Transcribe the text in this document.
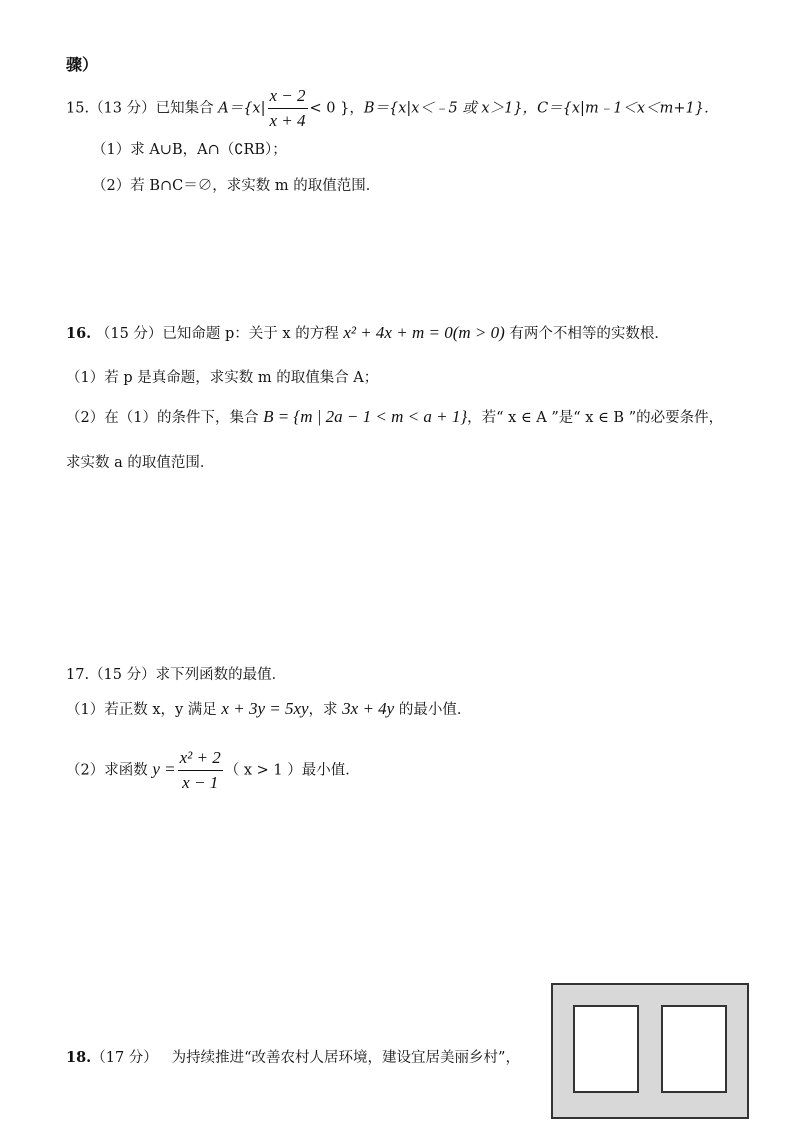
骤）
15.（13 分）已知集合 $A=\{x| \frac{x - 2}{x + 4} < 0$ }，B＝{x|x＜﹣5 或 x＞1}，C＝{x|m﹣1＜x＜m+1}．
（1）求 A∪B，A∩（∁RB）；
（2）若 B∩C＝∅，求实数 m 的取值范围．
16. （15 分）已知命题 p：关于 x 的方程 x² + 4x + m = 0(m > 0) 有两个不相等的实数根．
（1）若 p 是真命题，求实数 m 的取值集合 A；
（2）在（1）的条件下，集合 B = {m | 2a − 1 < m < a + 1}，若“ x ∈ A ”是“ x ∈ B ”的必要条件，
求实数 a 的取值范围．
17.（15 分）求下列函数的最值．
（1）若正数 x，y 满足 x + 3y = 5xy，求 3x + 4y 的最小值．
（2）求函数 $y = \frac{\text{x² + 2}}{x - 1}$ （ x > 1 ）最小值．
18.（17 分） 为持续推进“改善农村人居环境，建设宜居美丽乡村”，
